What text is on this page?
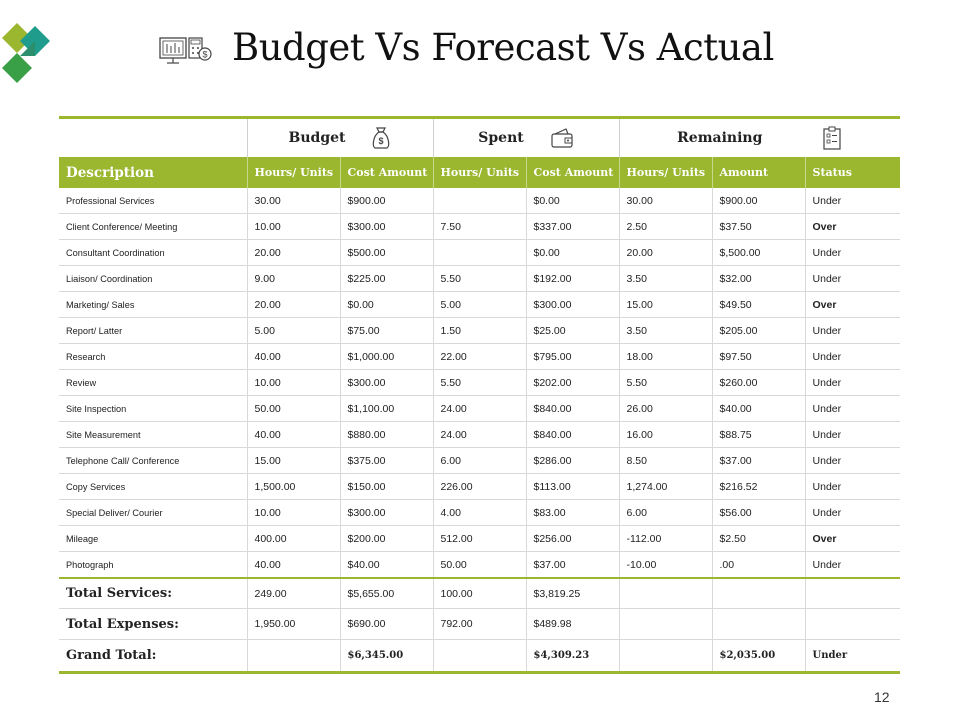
$ Budget Vs Forecast Vs Actual

	Budget $		Spent		Remaining		

Description	Hours/ Units	Cost Amount	Hours/ Units	Cost Amount	Hours/ Units	Amount	Status
Professional Services	30.00	$900.00		$0.00	30.00	$900.00	Under
Client Conference/ Meeting	10.00	$300.00	7.50	$337.00	2.50	$37.50	Over
Consultant Coordination	20.00	$500.00		$0.00	20.00	$,500.00	Under
Liaison/ Coordination	9.00	$225.00	5.50	$192.00	3.50	$32.00	Under
Marketing/ Sales	20.00	$0.00	5.00	$300.00	15.00	$49.50	Over
Report/ Latter	5.00	$75.00	1.50	$25.00	3.50	$205.00	Under
Research	40.00	$1,000.00	22.00	$795.00	18.00	$97.50	Under
Review	10.00	$300.00	5.50	$202.00	5.50	$260.00	Under
Site Inspection	50.00	$1,100.00	24.00	$840.00	26.00	$40.00	Under
Site Measurement	40.00	$880.00	24.00	$840.00	16.00	$88.75	Under
Telephone Call/ Conference	15.00	$375.00	6.00	$286.00	8.50	$37.00	Under
Copy Services	1,500.00	$150.00	226.00	$113.00	1,274.00	$216.52	Under
Special Deliver/ Courier	10.00	$300.00	4.00	$83.00	6.00	$56.00	Under
Mileage	400.00	$200.00	512.00	$256.00	-112.00	$2.50	Over
Photograph	40.00	$40.00	50.00	$37.00	-10.00	.00	Under
Total Services:	249.00	$5,655.00	100.00	$3,819.25			
Total Expenses:	1,950.00	$690.00	792.00	$489.98			
Grand Total:		$6,345.00		$4,309.23		$2,035.00	Under
12
